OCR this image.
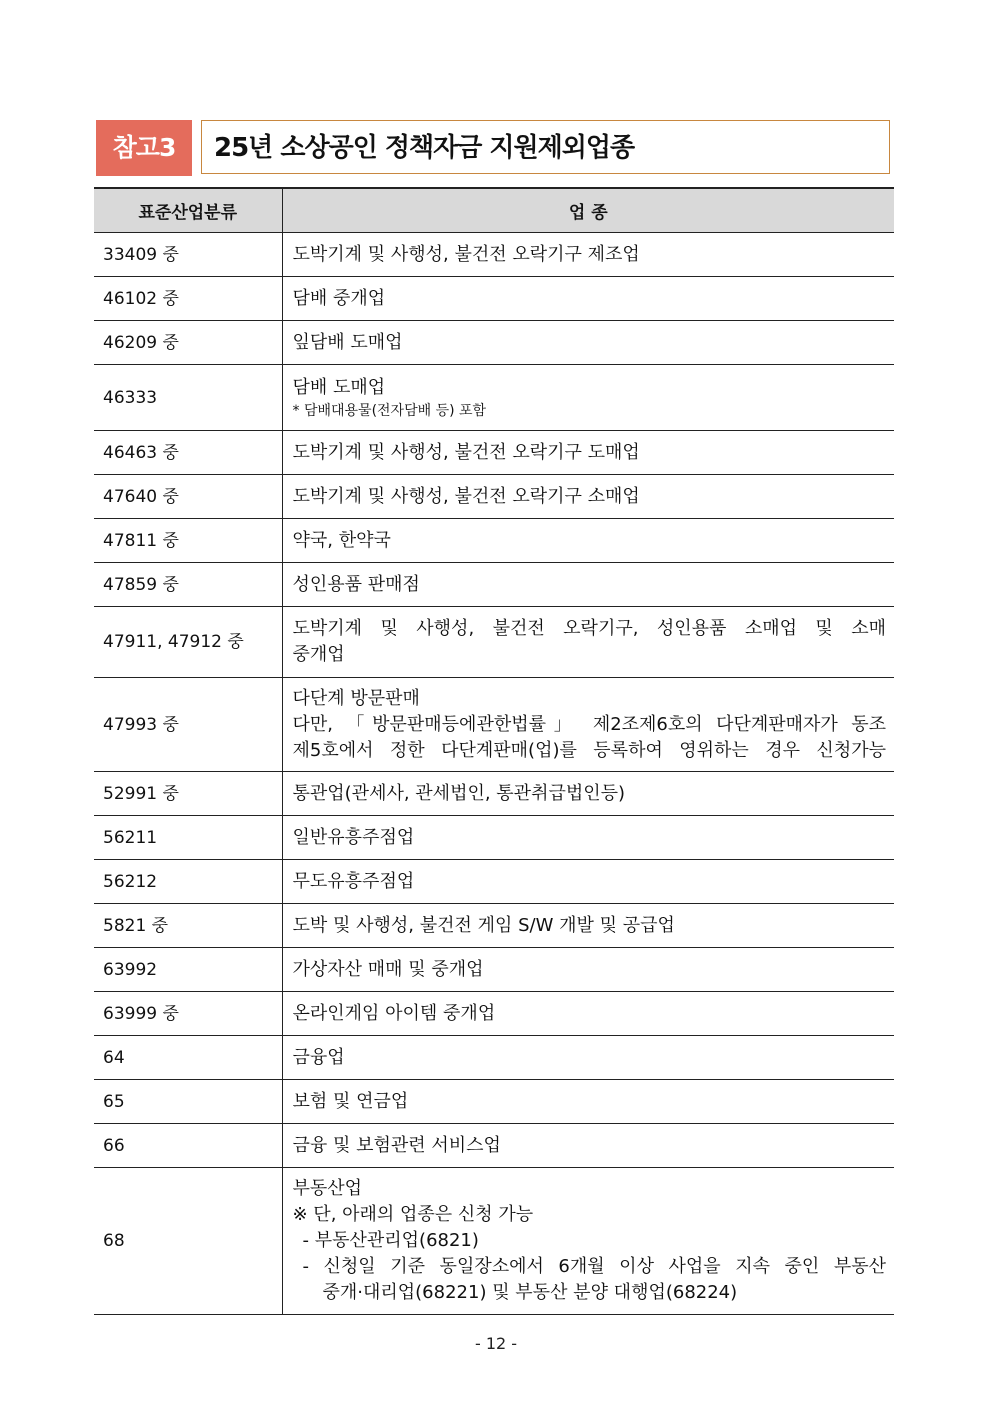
참고3	25년 소상공인 정책자금 지원제외업종
표준산업분류	업 종
33409 중	도박기계 및 사행성, 불건전 오락기구 제조업

46102 중	담배 중개업

46209 중	잎담배 도매업

46333	담배 도매업
* 담배대용물(전자담배 등) 포함

46463 중	도박기계 및 사행성, 불건전 오락기구 도매업

47640 중	도박기계 및 사행성, 불건전 오락기구 소매업

47811 중	약국, 한약국

47859 중	성인용품 판매점

47911, 47912 중	도박기계 및 사행성, 불건전 오락기구, 성인용품 소매업 및 소매
중개업

47993 중	다단계 방문판매
다만, 「방문판매등에관한법률」 제2조제6호의 다단계판매자가 동조
제5호에서 정한 다단계판매(업)를 등록하여 영위하는 경우 신청가능

52991 중	통관업(관세사, 관세법인, 통관취급법인등)

56211	일반유흥주점업

56212	무도유흥주점업

5821 중	도박 및 사행성, 불건전 게임 S/W 개발 및 공급업

63992	가상자산 매매 및 중개업

63999 중	온라인게임 아이템 중개업

64	금융업

65	보험 및 연금업

66	금융 및 보험관련 서비스업

68	부동산업
※ 단, 아래의 업종은 신청 가능
- 부동산관리업(6821)
- 신청일 기준 동일장소에서 6개월 이상 사업을 지속 중인 부동산
중개·대리업(68221) 및 부동산 분양 대행업(68224)
- 12 -
